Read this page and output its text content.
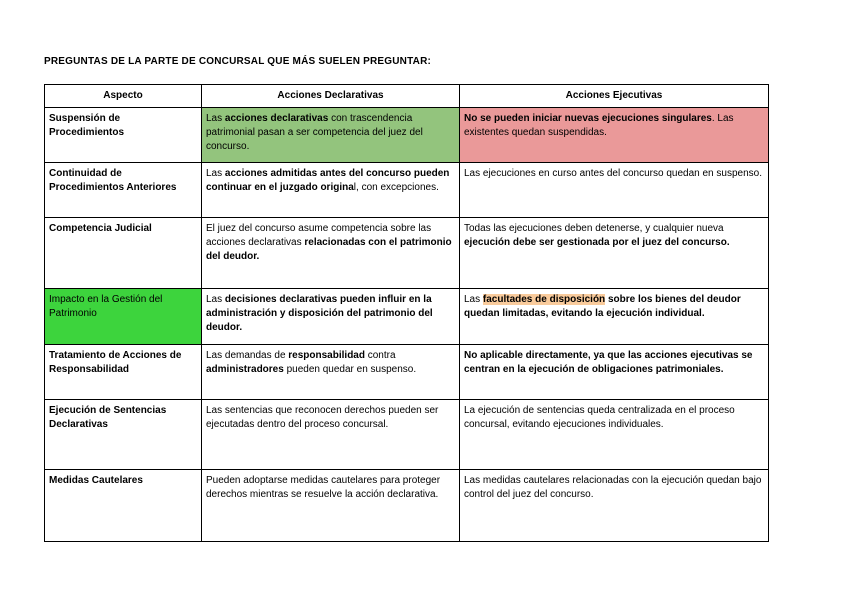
PREGUNTAS DE LA PARTE DE CONCURSAL QUE MÁS SUELEN PREGUNTAR:
Aspecto	Acciones Declarativas	Acciones Ejecutivas
Suspensión de Procedimientos	Las acciones declarativas con trascendencia patrimonial pasan a ser competencia del juez del concurso.	No se pueden iniciar nuevas ejecuciones singulares. Las existentes quedan suspendidas.
Continuidad de Procedimientos Anteriores	Las acciones admitidas antes del concurso pueden continuar en el juzgado original, con excepciones.	Las ejecuciones en curso antes del concurso quedan en suspenso.
Competencia Judicial	El juez del concurso asume competencia sobre las acciones declarativas relacionadas con el patrimonio del deudor.	Todas las ejecuciones deben detenerse, y cualquier nueva ejecución debe ser gestionada por el juez del concurso.
Impacto en la Gestión del Patrimonio	Las decisiones declarativas pueden influir en la administración y disposición del patrimonio del deudor.	Las facultades de disposición sobre los bienes del deudor quedan limitadas, evitando la ejecución individual.
Tratamiento de Acciones de Responsabilidad	Las demandas de responsabilidad contra administradores pueden quedar en suspenso.	No aplicable directamente, ya que las acciones ejecutivas se centran en la ejecución de obligaciones patrimoniales.
Ejecución de Sentencias Declarativas	Las sentencias que reconocen derechos pueden ser ejecutadas dentro del proceso concursal.	La ejecución de sentencias queda centralizada en el proceso concursal, evitando ejecuciones individuales.
Medidas Cautelares	Pueden adoptarse medidas cautelares para proteger derechos mientras se resuelve la acción declarativa.	Las medidas cautelares relacionadas con la ejecución quedan bajo control del juez del concurso.
